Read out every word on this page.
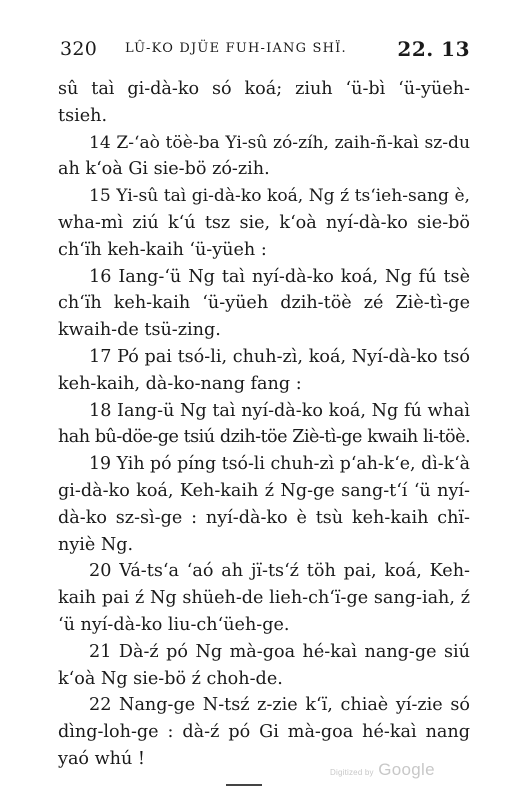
320 LÛ-KO DJÜE FUH-IANG SHÏ.	22. 13
sû taì gi-dà-ko só koá; ziuh ‘ü-bì ‘ü-yüeh-
tsieh.
14 Z-‘aò töè-ba Yi-sû zó-zíh, zaih-ñ-kaì sz-du
ah k‘oà Gi sie-bö zó-zih.
15 Yi-sû taì gi-dà-ko koá, Ng ź ts‘ieh-sang è,
wha-mì ziú k‘ú tsz sie, k‘oà nyí-dà-ko sie-bö
ch‘ïh keh-kaih ‘ü-yüeh :
16 Iang-‘ü Ng taì nyí-dà-ko koá, Ng fú tsè
ch‘ïh keh-kaih ‘ü-yüeh dzih-töè zé Ziè-tì-ge
kwaih-de tsü-zing.
17 Pó pai tsó-li, chuh-zì, koá, Nyí-dà-ko tsó
keh-kaih, dà-ko-nang fang :
18 Iang-ü Ng taì nyí-dà-ko koá, Ng fú whaì
hah bû-döe-ge tsiú dzih-töe Ziè-tì-ge kwaih li-töè.
19 Yih pó píng tsó-li chuh-zì p‘ah-k‘e, dì-k‘à
gi-dà-ko koá, Keh-kaih ź Ng-ge sang-t‘í ‘ü nyí-
dà-ko sz-sì-ge : nyí-dà-ko è tsù keh-kaih chï-
nyiè Ng.
20 Vá-ts‘a ‘aó ah jï-ts‘ź töh pai, koá, Keh-
kaih pai ź Ng shüeh-de lieh-ch‘ï-ge sang-iah, ź
‘ü nyí-dà-ko liu-ch‘üeh-ge.
21 Dà-ź pó Ng mà-goa hé-kaì nang-ge siú
k‘oà Ng sie-bö ź choh-de.
22 Nang-ge N-tsź z-zie k‘ï, chiaè yí-zie só
dìng-loh-ge : dà-ź pó Gi mà-goa hé-kaì nang
yaó whú !
Digitized by Google
